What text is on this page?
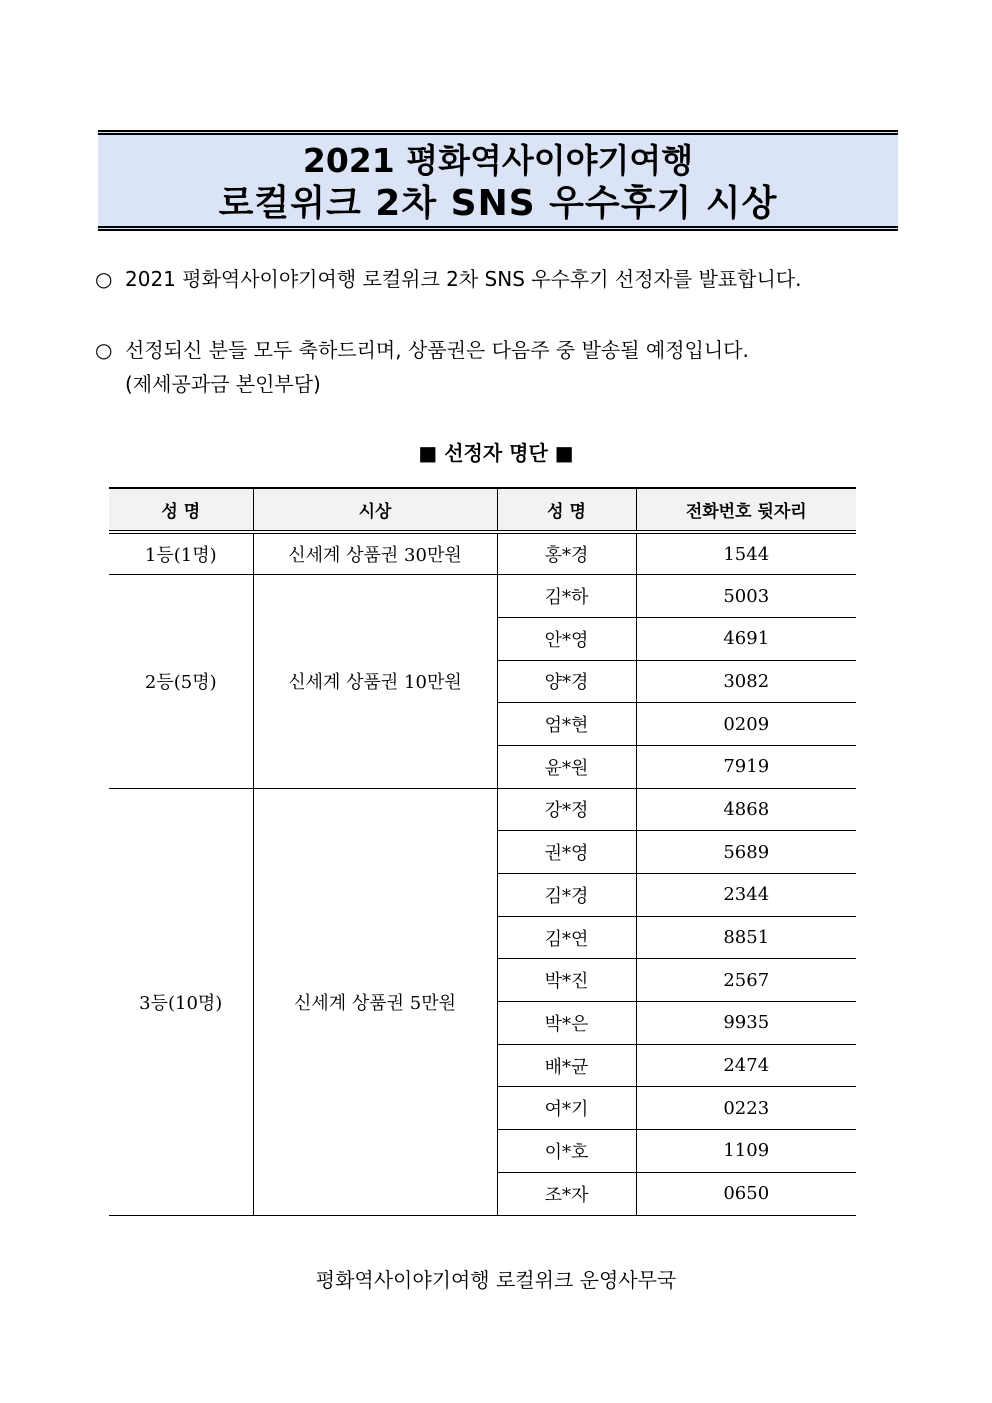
2021 평화역사이야기여행
로컬위크 2차 SNS 우수후기 시상
○ 2021 평화역사이야기여행 로컬위크 2차 SNS 우수후기 선정자를 발표합니다.
○ 선정되신 분들 모두 축하드리며, 상품권은 다음주 중 발송될 예정입니다.
(제세공과금 본인부담)
■ 선정자 명단 ■
성 명	시상	성 명	전화번호 뒷자리
1등(1명)	신세계 상품권 30만원	홍*경	1544
2등(5명)	신세계 상품권 10만원	김*하	5003
		안*영	4691
		양*경	3082
		엄*현	0209
		윤*원	7919
3등(10명)	신세계 상품권 5만원	강*정	4868
		권*영	5689
		김*경	2344
		김*연	8851
		박*진	2567
		박*은	9935
		배*균	2474
		여*기	0223
		이*호	1109
		조*자	0650
평화역사이야기여행 로컬위크 운영사무국
